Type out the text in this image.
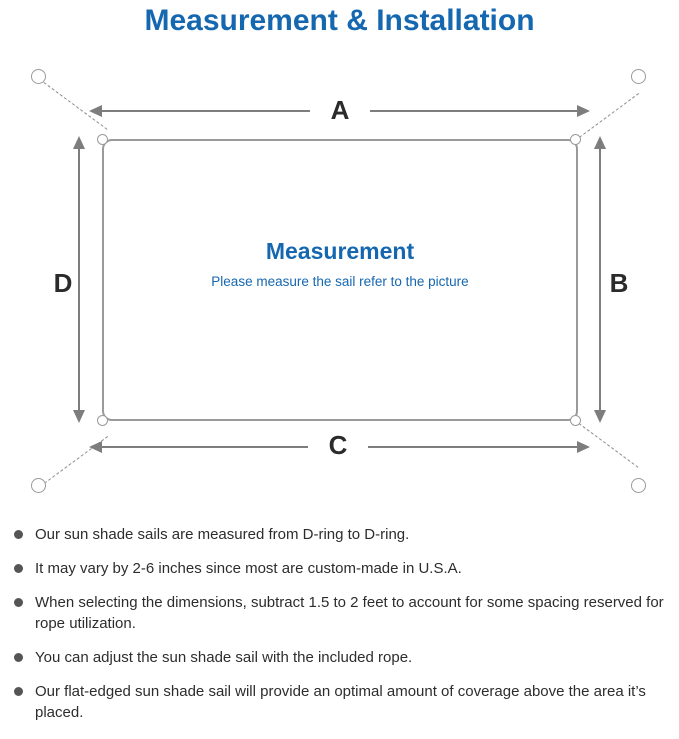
Measurement & Installation
Measurement
Please measure the sail refer to the picture
A
C
D	B
Our sun shade sails are measured from D-ring to D-ring.
It may vary by 2-6 inches since most are custom-made in U.S.A.
When selecting the dimensions, subtract 1.5 to 2 feet to account for some spacing reserved for rope utilization.
You can adjust the sun shade sail with the included rope.
Our flat-edged sun shade sail will provide an optimal amount of coverage above the area it’s placed.
